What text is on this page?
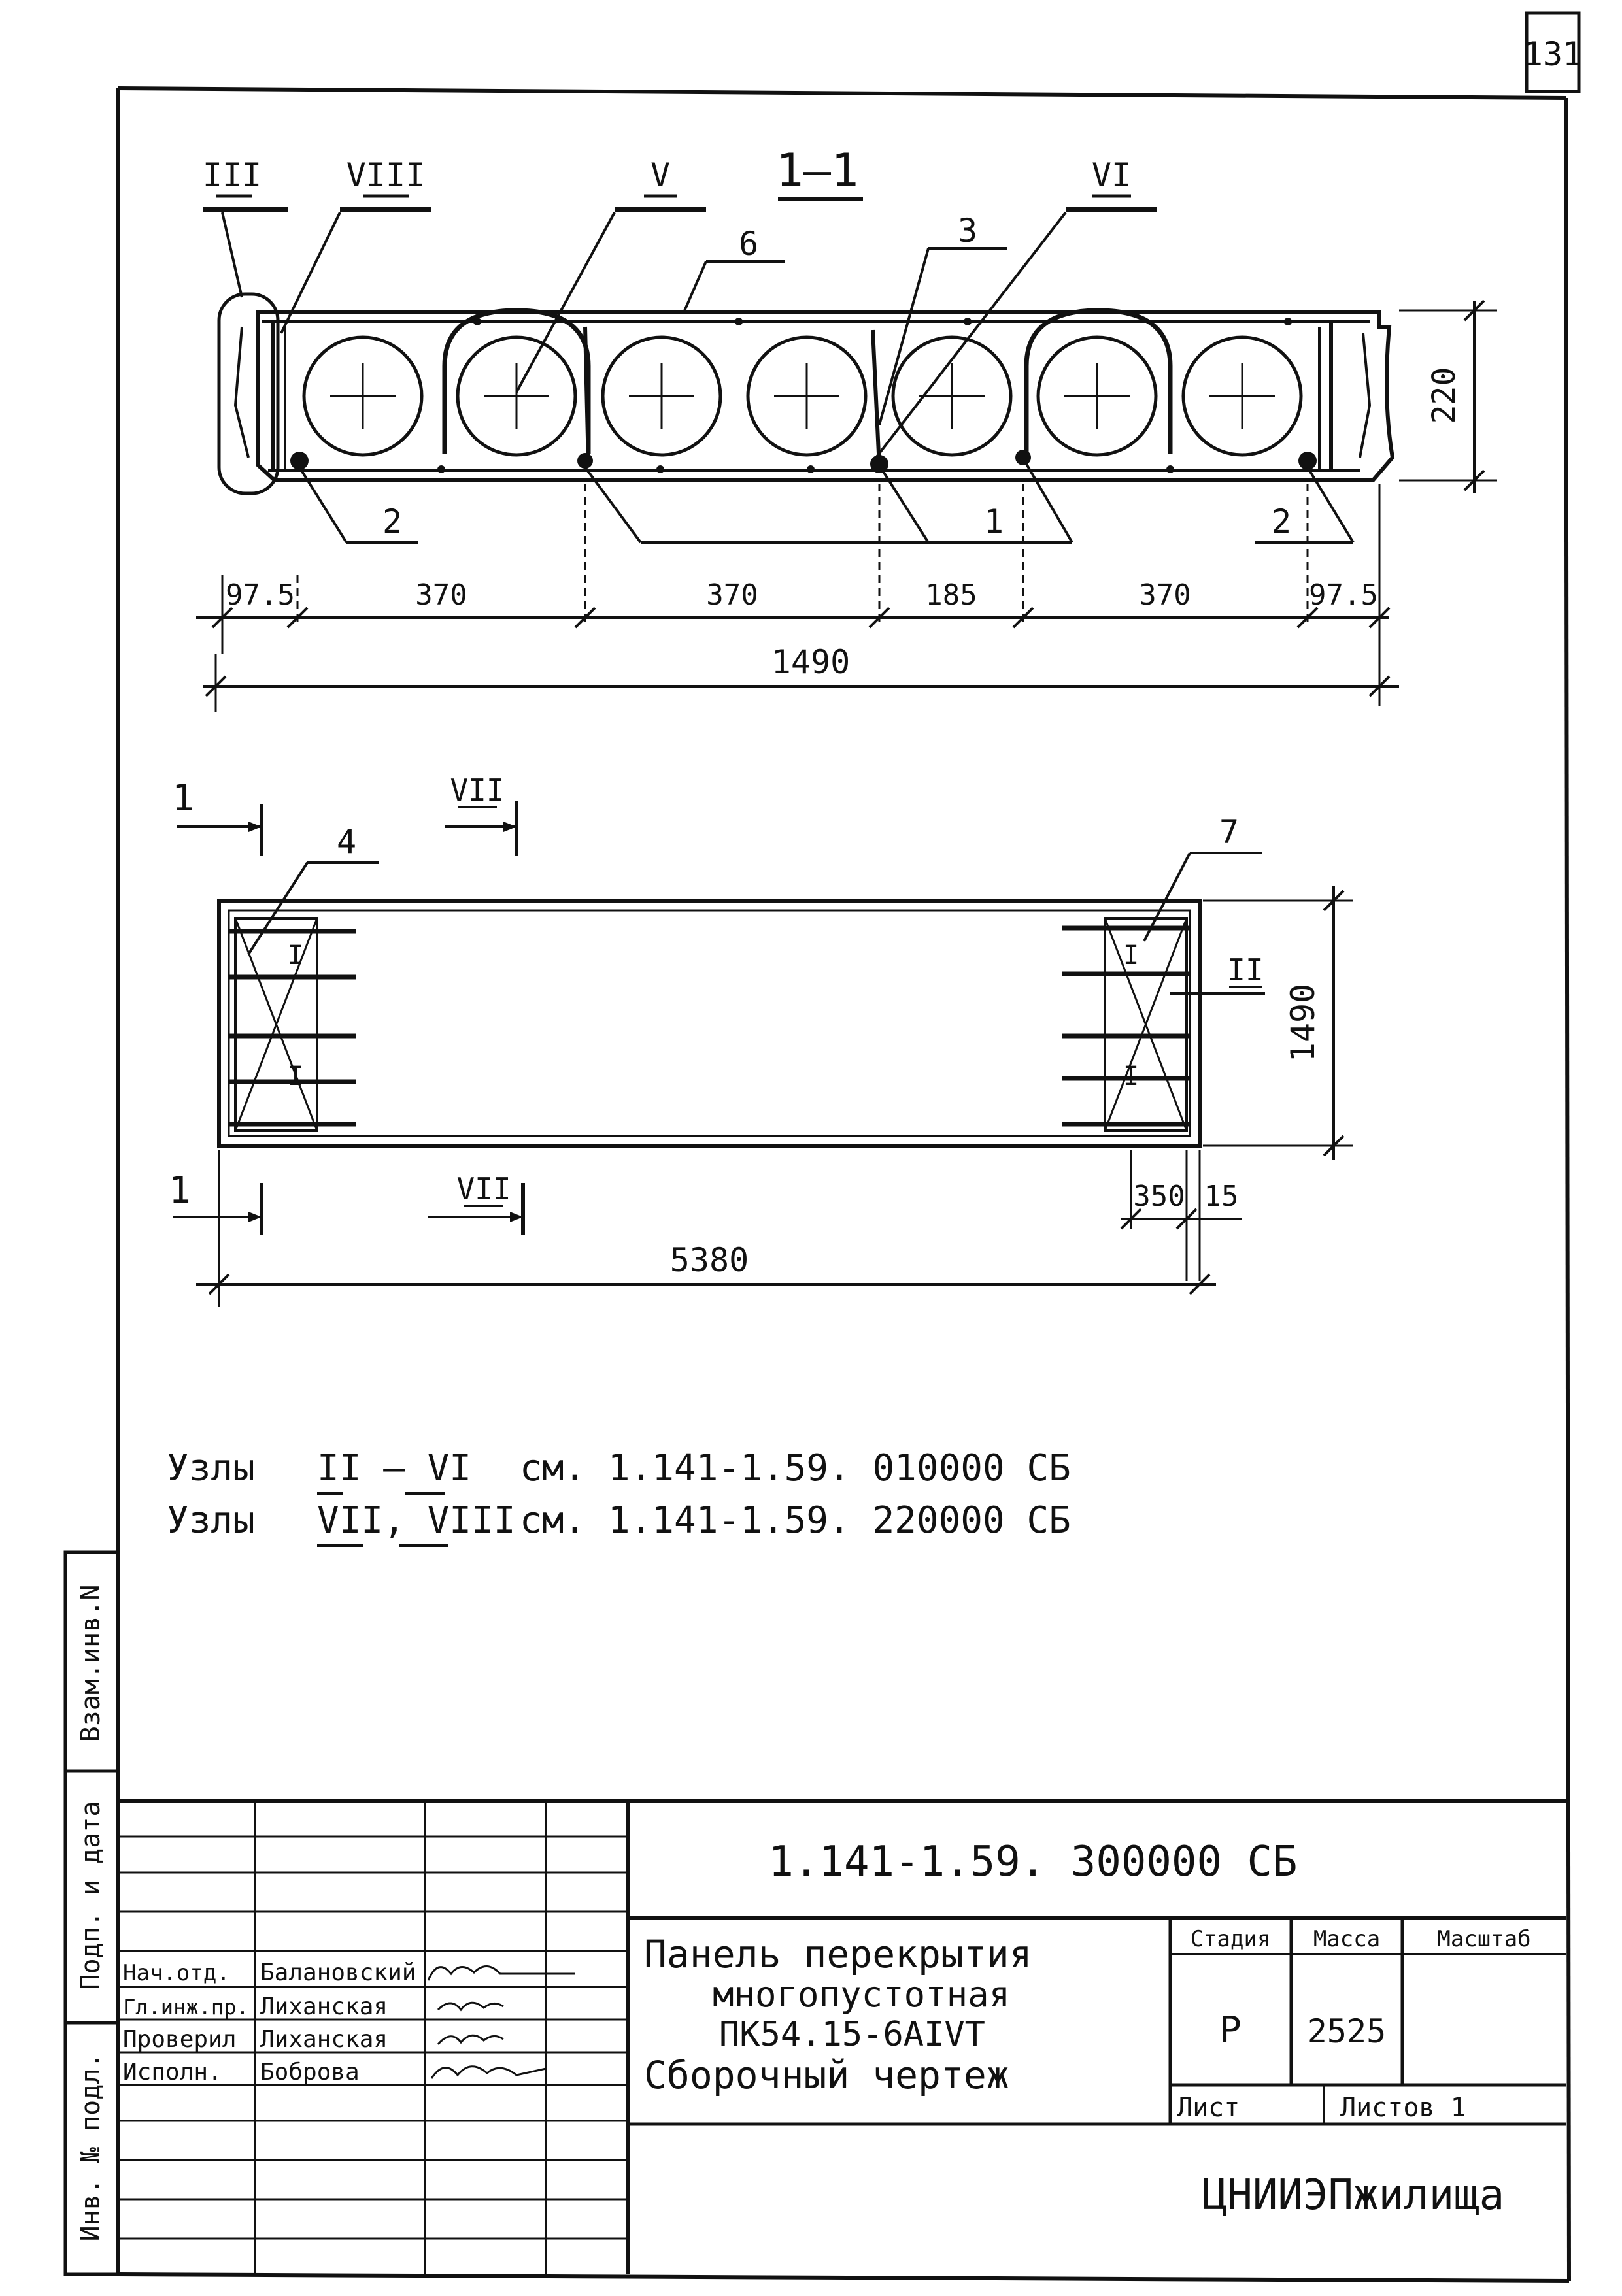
131
1—1
III	VIII	V	VI
6	3
220
2	1	2
97.5	370	370	185	370	97.5
1490
1	VII
4	7
I
I
I
I
II
1490
1	VII	350 15
5380
Узлы II – VI см. 1.141-1.59. 010000 СБ
Узлы VII, VIII см. 1.141-1.59. 220000 СБ
Взам.инв.N
Подп. и дата
Инв. № подл.
Нач.отд. Балановский
Гл.инж.пр. Лиханская
Проверил Лиханская
Исполн. Боброва
1.141-1.59. 300000 СБ
Панель перекрытия
многопустотная
ПК54.15-6АIVТ
Сборочный чертеж
Стадия Масса	Масштаб
Р 2525
Лист	Листов 1
ЦНИИЭПжилища
